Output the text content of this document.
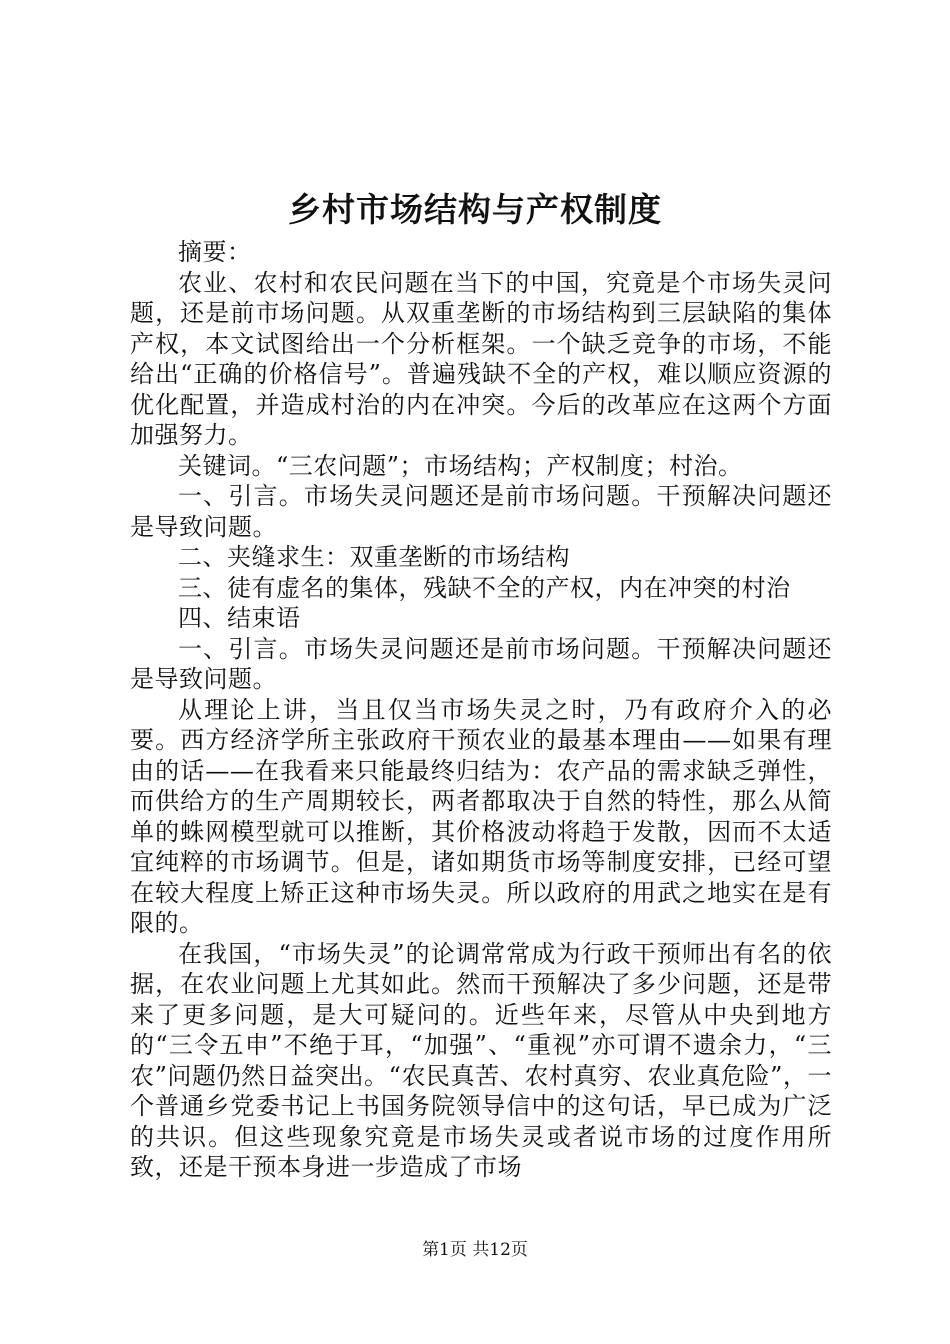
乡村市场结构与产权制度

摘要：

农业、农村和农民问题在当下的中国，究竟是个市场失灵问题，还是前市场问题。从双重垄断的市场结构到三层缺陷的集体产权，本文试图给出一个分析框架。一个缺乏竞争的市场，不能给出“正确的价格信号”。普遍残缺不全的产权，难以顺应资源的优化配置，并造成村治的内在冲突。今后的改革应在这两个方面加强努力。

关键词。“三农问题”；市场结构；产权制度；村治。

一、引言。市场失灵问题还是前市场问题。干预解决问题还是导致问题。

二、夹缝求生：双重垄断的市场结构

三、徒有虚名的集体，残缺不全的产权，内在冲突的村治

四、结束语

一、引言。市场失灵问题还是前市场问题。干预解决问题还是导致问题。

从理论上讲，当且仅当市场失灵之时，乃有政府介入的必要。西方经济学所主张政府干预农业的最基本理由——如果有理由的话——在我看来只能最终归结为：农产品的需求缺乏弹性，而供给方的生产周期较长，两者都取决于自然的特性，那么从简单的蛛网模型就可以推断，其价格波动将趋于发散，因而不太适宜纯粹的市场调节。但是，诸如期货市场等制度安排，已经可望在较大程度上矫正这种市场失灵。所以政府的用武之地实在是有限的。

在我国，“市场失灵”的论调常常成为行政干预师出有名的依据，在农业问题上尤其如此。然而干预解决了多少问题，还是带来了更多问题，是大可疑问的。近些年来，尽管从中央到地方的“三令五申”不绝于耳，“加强”、“重视”亦可谓不遗余力，“三农”问题仍然日益突出。“农民真苦、农村真穷、农业真危险”，一个普通乡党委书记上书国务院领导信中的这句话，早已成为广泛的共识。但这些现象究竟是市场失灵或者说市场的过度作用所致，还是干预本身进一步造成了市场

第1页 共12页
